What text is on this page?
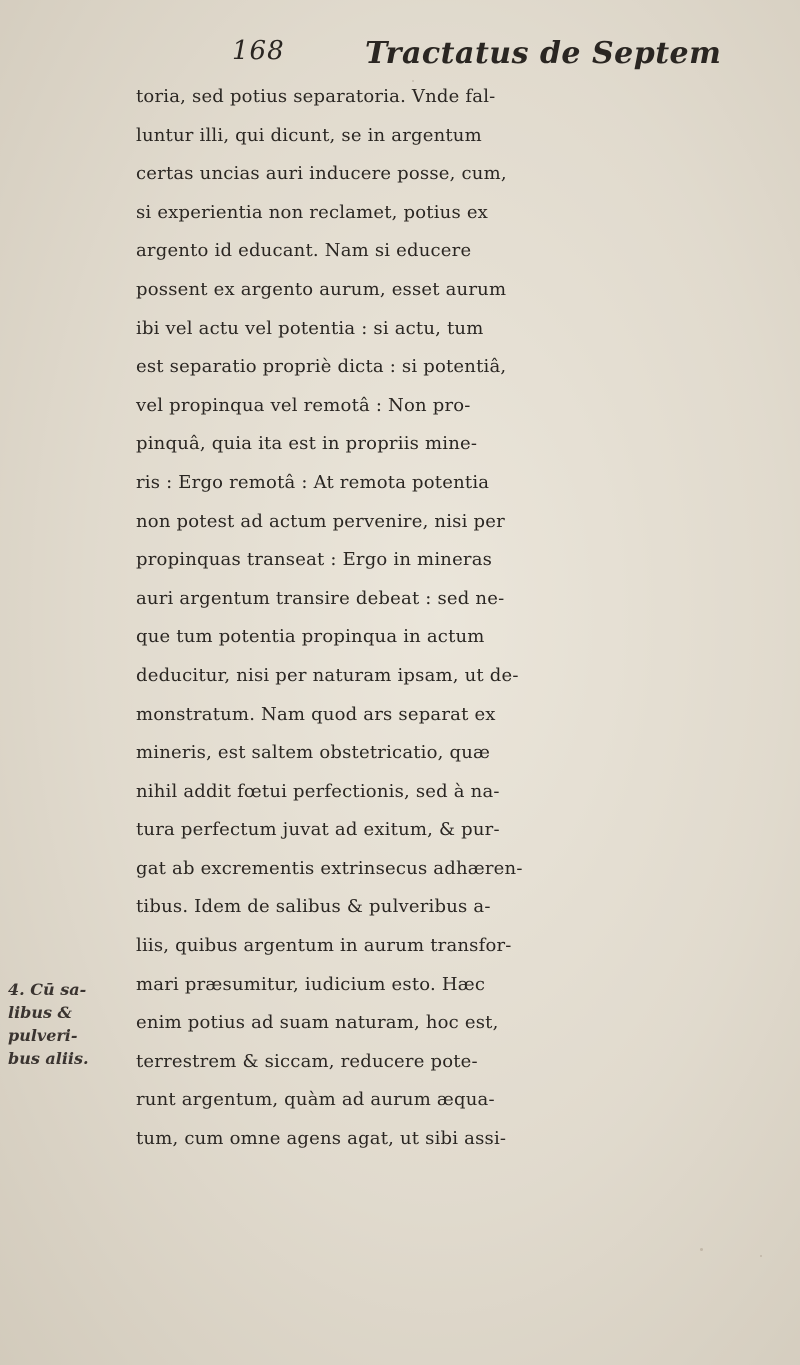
168	Tractatus de Septem
toria, sed potius separatoria. Vnde fal-
luntur illi, qui dicunt, se in argentum
certas uncias auri inducere posse, cum,
si experientia non reclamet, potius ex
argento id educant. Nam si educere
possent ex argento aurum, esset aurum
ibi vel actu vel potentia : si actu, tum
est separatio propriè dicta : si potentiâ,
vel propinqua vel remotâ : Non pro-
pinquâ, quia ita est in propriis mine-
ris : Ergo remotâ : At remota potentia
non potest ad actum pervenire, nisi per
propinquas transeat : Ergo in mineras
auri argentum transire debeat : sed ne-
que tum potentia propinqua in actum
deducitur, nisi per naturam ipsam, ut de-
monstratum. Nam quod ars separat ex
mineris, est saltem obstetricatio, quæ
nihil addit fœtui perfectionis, sed à na-
tura perfectum juvat ad exitum, & pur-
gat ab excrementis extrinsecus adhæren-
tibus. Idem de salibus & pulveribus a-
liis, quibus argentum in aurum transfor-
mari præsumitur, iudicium esto. Hæc
enim potius ad suam naturam, hoc est,
terrestrem & siccam, reducere pote-
runt argentum, quàm ad aurum æqua-
tum, cum omne agens agat, ut sibi assi-
4. Cū sa-
libus &
pulveri-
bus aliis.
